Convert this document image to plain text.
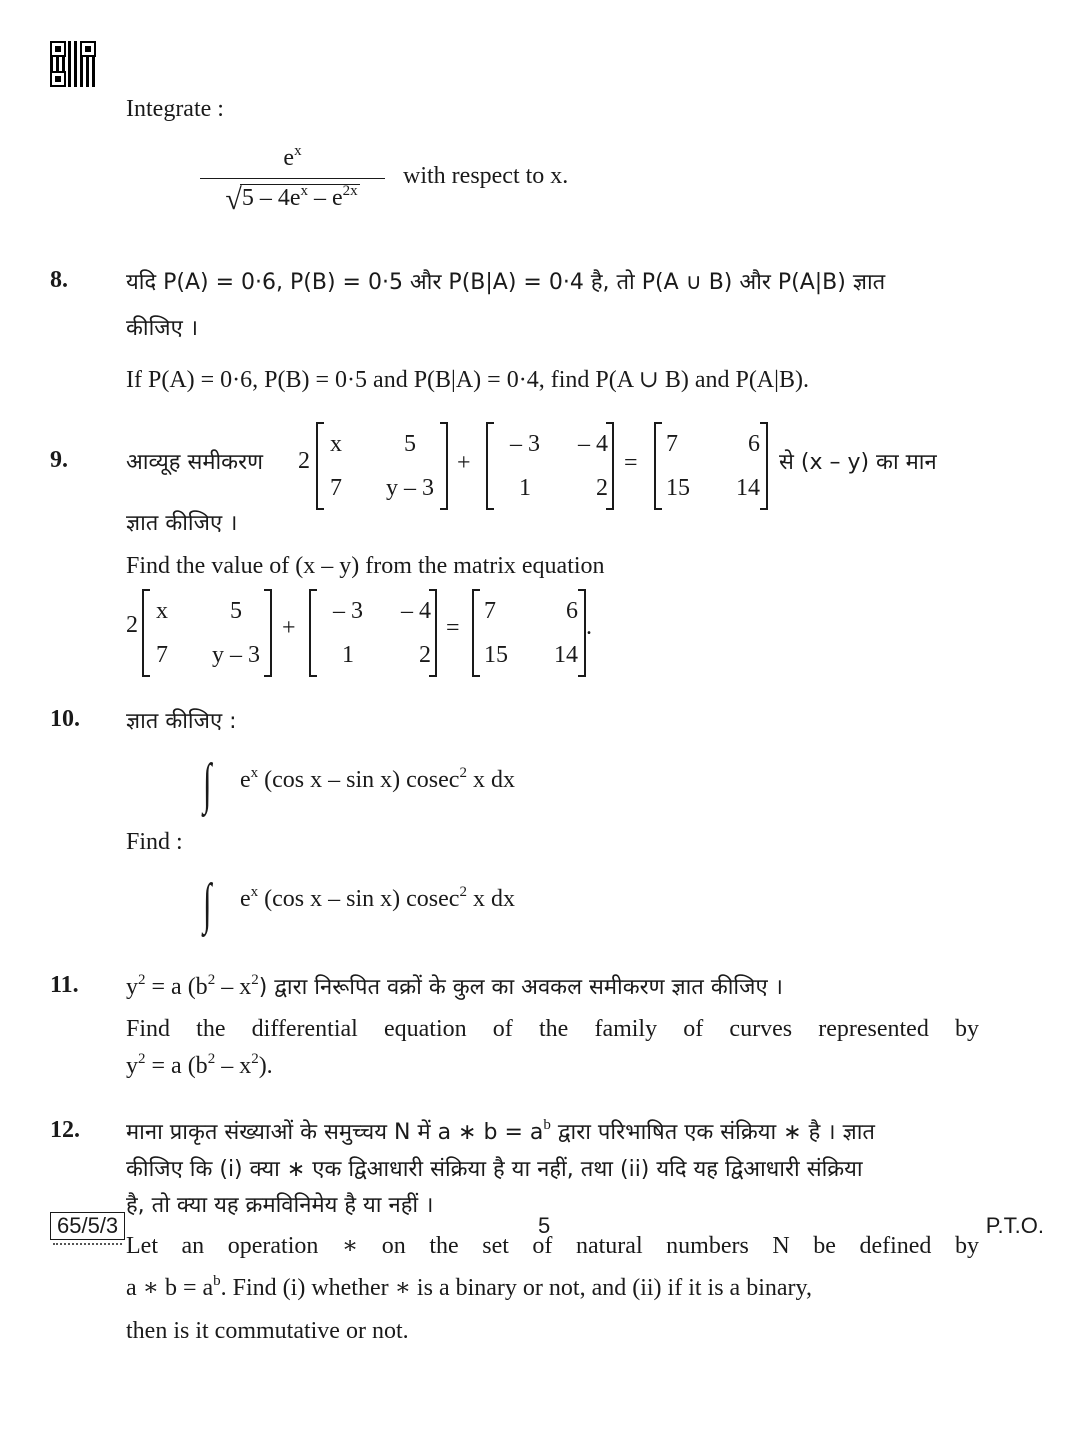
Integrate :
$e^x$
$√5 - 4e^x - e^{2x}$
with respect to x.
8.	यदि P(A) = 0·6, P(B) = 0·5 और P(B|A) = 0·4 है, तो P(A ∪ B) और P(A|B) ज्ञात
कीजिए ।
If P(A) = 0·6, P(B) = 0·5 and P(B|A) = 0·4, find P(A ∪ B) and P(A|B).
9.	आव्यूह समीकरण 2
x	5
7	y – 3
+
– 3	– 4
1	2
=
7	6
15	14
से (x – y) का मान
ज्ञात कीजिए ।
Find the value of (x – y) from the matrix equation
2
x	5
7	y – 3
+
– 3	– 4
1	2
=
7	6
15	14
.
10. ज्ञात कीजिए :
∫ $e^x$ (cos x – sin x) cosec$^2$ x dx
Find :
∫ $e^x$ (cos x – sin x) cosec$^2$ x dx
11. $y^2 = a$ $(b^2 - x^2)$ द्वारा निरूपित वक्रों के कुल का अवकल समीकरण ज्ञात कीजिए ।
Find the differential equation of the family of curves represented by
$y^2 = a$ $(b^2 - x^2)$.
12. माना प्राकृत संख्याओं के समुच्चय N में a ∗ $b = a^b$ द्वारा परिभाषित एक संक्रिया ∗ है । ज्ञात
कीजिए कि (i) क्या ∗ एक द्विआधारी संक्रिया है या नहीं, तथा (ii) यदि यह द्विआधारी संक्रिया
है, तो क्या यह क्रमविनिमेय है या नहीं ।
Let an operation ∗ on the set of natural numbers N be defined by
a ∗ $b = a^b$. Find (i) whether ∗ is a binary or not, and (ii) if it is a binary,
then is it commutative or not.
65/5/3	5	P.T.O.
